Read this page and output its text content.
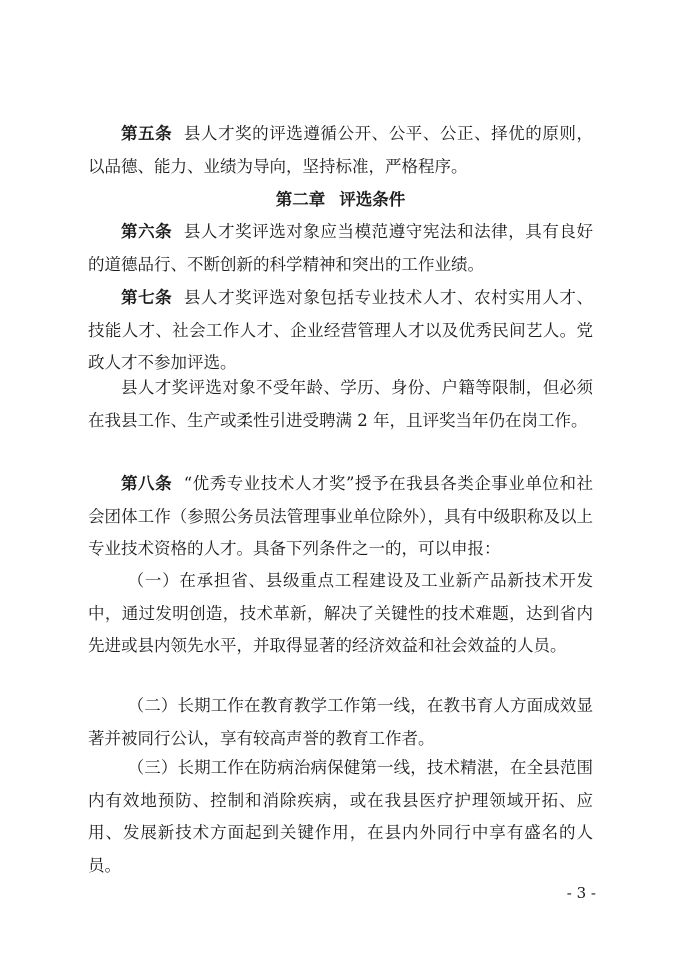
第五条 县人才奖的评选遵循公开、公平、公正、择优的原则，以品德、能力、业绩为导向，坚持标准，严格程序。

第二章 评选条件

第六条 县人才奖评选对象应当模范遵守宪法和法律，具有良好的道德品行、不断创新的科学精神和突出的工作业绩。

第七条 县人才奖评选对象包括专业技术人才、农村实用人才、技能人才、社会工作人才、企业经营管理人才以及优秀民间艺人。党政人才不参加评选。

县人才奖评选对象不受年龄、学历、身份、户籍等限制，但必须在我县工作、生产或柔性引进受聘满 2 年，且评奖当年仍在岗工作。

第八条 “优秀专业技术人才奖”授予在我县各类企事业单位和社会团体工作（参照公务员法管理事业单位除外），具有中级职称及以上专业技术资格的人才。具备下列条件之一的，可以申报：

（一）在承担省、县级重点工程建设及工业新产品新技术开发中，通过发明创造，技术革新，解决了关键性的技术难题，达到省内先进或县内领先水平，并取得显著的经济效益和社会效益的人员。

（二）长期工作在教育教学工作第一线，在教书育人方面成效显著并被同行公认，享有较高声誉的教育工作者。

（三）长期工作在防病治病保健第一线，技术精湛，在全县范围内有效地预防、控制和消除疾病，或在我县医疗护理领域开拓、应用、发展新技术方面起到关键作用，在县内外同行中享有盛名的人员。

- 3 -
